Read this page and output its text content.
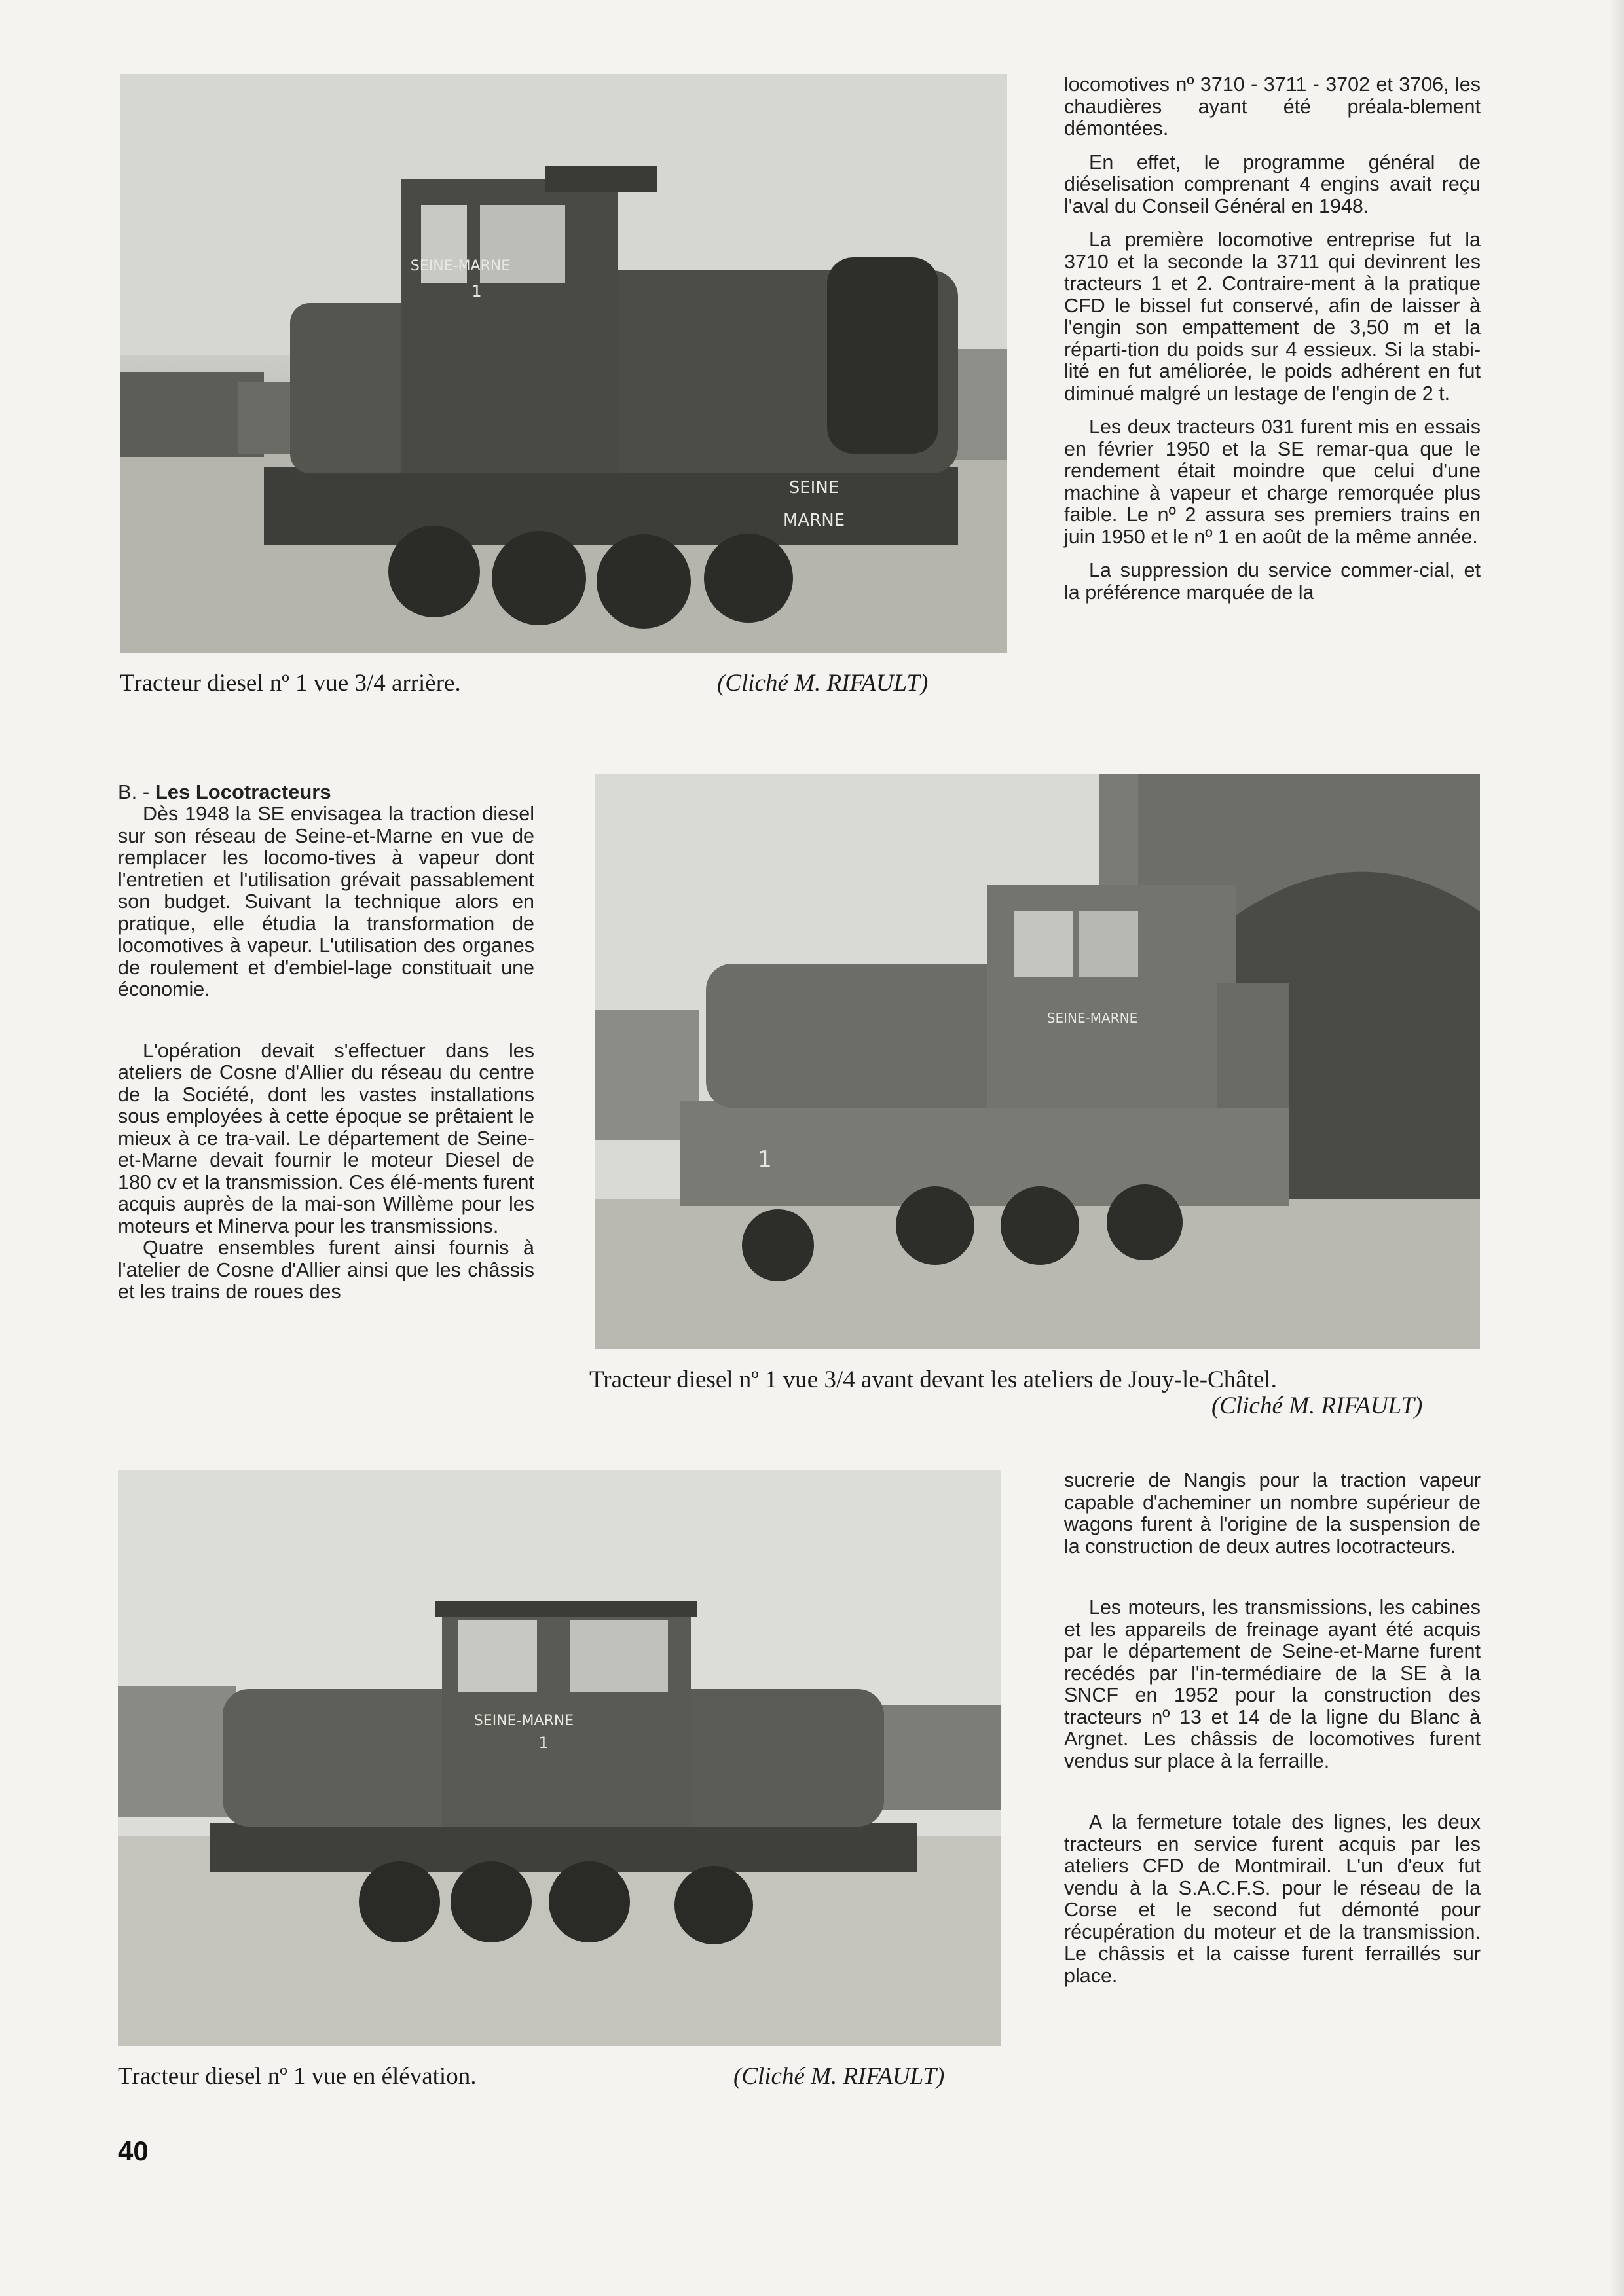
SEINE-MARNE
1
SEINE
MARNE
Tracteur diesel nº 1 vue 3/4 arrière.	(Cliché M. RIFAULT)

locomotives nº 3710 - 3711 - 3702 et 3706, les chaudières ayant été préala-blement démontées.

En effet, le programme général de diéselisation comprenant 4 engins avait reçu l'aval du Conseil Général en 1948.

La première locomotive entreprise fut la 3710 et la seconde la 3711 qui devinrent les tracteurs 1 et 2. Contraire-ment à la pratique CFD le bissel fut conservé, afin de laisser à l'engin son empattement de 3,50 m et la réparti-tion du poids sur 4 essieux. Si la stabi-lité en fut améliorée, le poids adhérent en fut diminué malgré un lestage de l'engin de 2 t.

Les deux tracteurs 031 furent mis en essais en février 1950 et la SE remar-qua que le rendement était moindre que celui d'une machine à vapeur et charge remorquée plus faible. Le nº 2 assura ses premiers trains en juin 1950 et le nº 1 en août de la même année.

La suppression du service commer-cial, et la préférence marquée de la

B. - Les Locotracteurs

Dès 1948 la SE envisagea la traction diesel sur son réseau de Seine-et-Marne en vue de remplacer les locomo-tives à vapeur dont l'entretien et l'utilisation grévait passablement son budget. Suivant la technique alors en pratique, elle étudia la transformation de locomotives à vapeur. L'utilisation des organes de roulement et d'embiel-lage constituait une économie.

L'opération devait s'effectuer dans les ateliers de Cosne d'Allier du réseau du centre de la Société, dont les vastes installations sous employées à cette époque se prêtaient le mieux à ce tra-vail. Le département de Seine-et-Marne devait fournir le moteur Diesel de 180 cv et la transmission. Ces élé-ments furent acquis auprès de la mai-son Willème pour les moteurs et Minerva pour les transmissions.

Quatre ensembles furent ainsi fournis à l'atelier de Cosne d'Allier ainsi que les châssis et les trains de roues des

SEINE-MARNE
1
Tracteur diesel nº 1 vue 3/4 avant devant les ateliers de Jouy-le-Châtel.
(Cliché M. RIFAULT)
SEINE-MARNE
1
Tracteur diesel nº 1 vue en élévation.	(Cliché M. RIFAULT)

sucrerie de Nangis pour la traction vapeur capable d'acheminer un nombre supérieur de wagons furent à l'origine de la suspension de la construction de deux autres locotracteurs.

Les moteurs, les transmissions, les cabines et les appareils de freinage ayant été acquis par le département de Seine-et-Marne furent recédés par l'in-termédiaire de la SE à la SNCF en 1952 pour la construction des tracteurs nº 13 et 14 de la ligne du Blanc à Argnet. Les châssis de locomotives furent vendus sur place à la ferraille.

A la fermeture totale des lignes, les deux tracteurs en service furent acquis par les ateliers CFD de Montmirail. L'un d'eux fut vendu à la S.A.C.F.S. pour le réseau de la Corse et le second fut démonté pour récupération du moteur et de la transmission. Le châssis et la caisse furent ferraillés sur place.

40
